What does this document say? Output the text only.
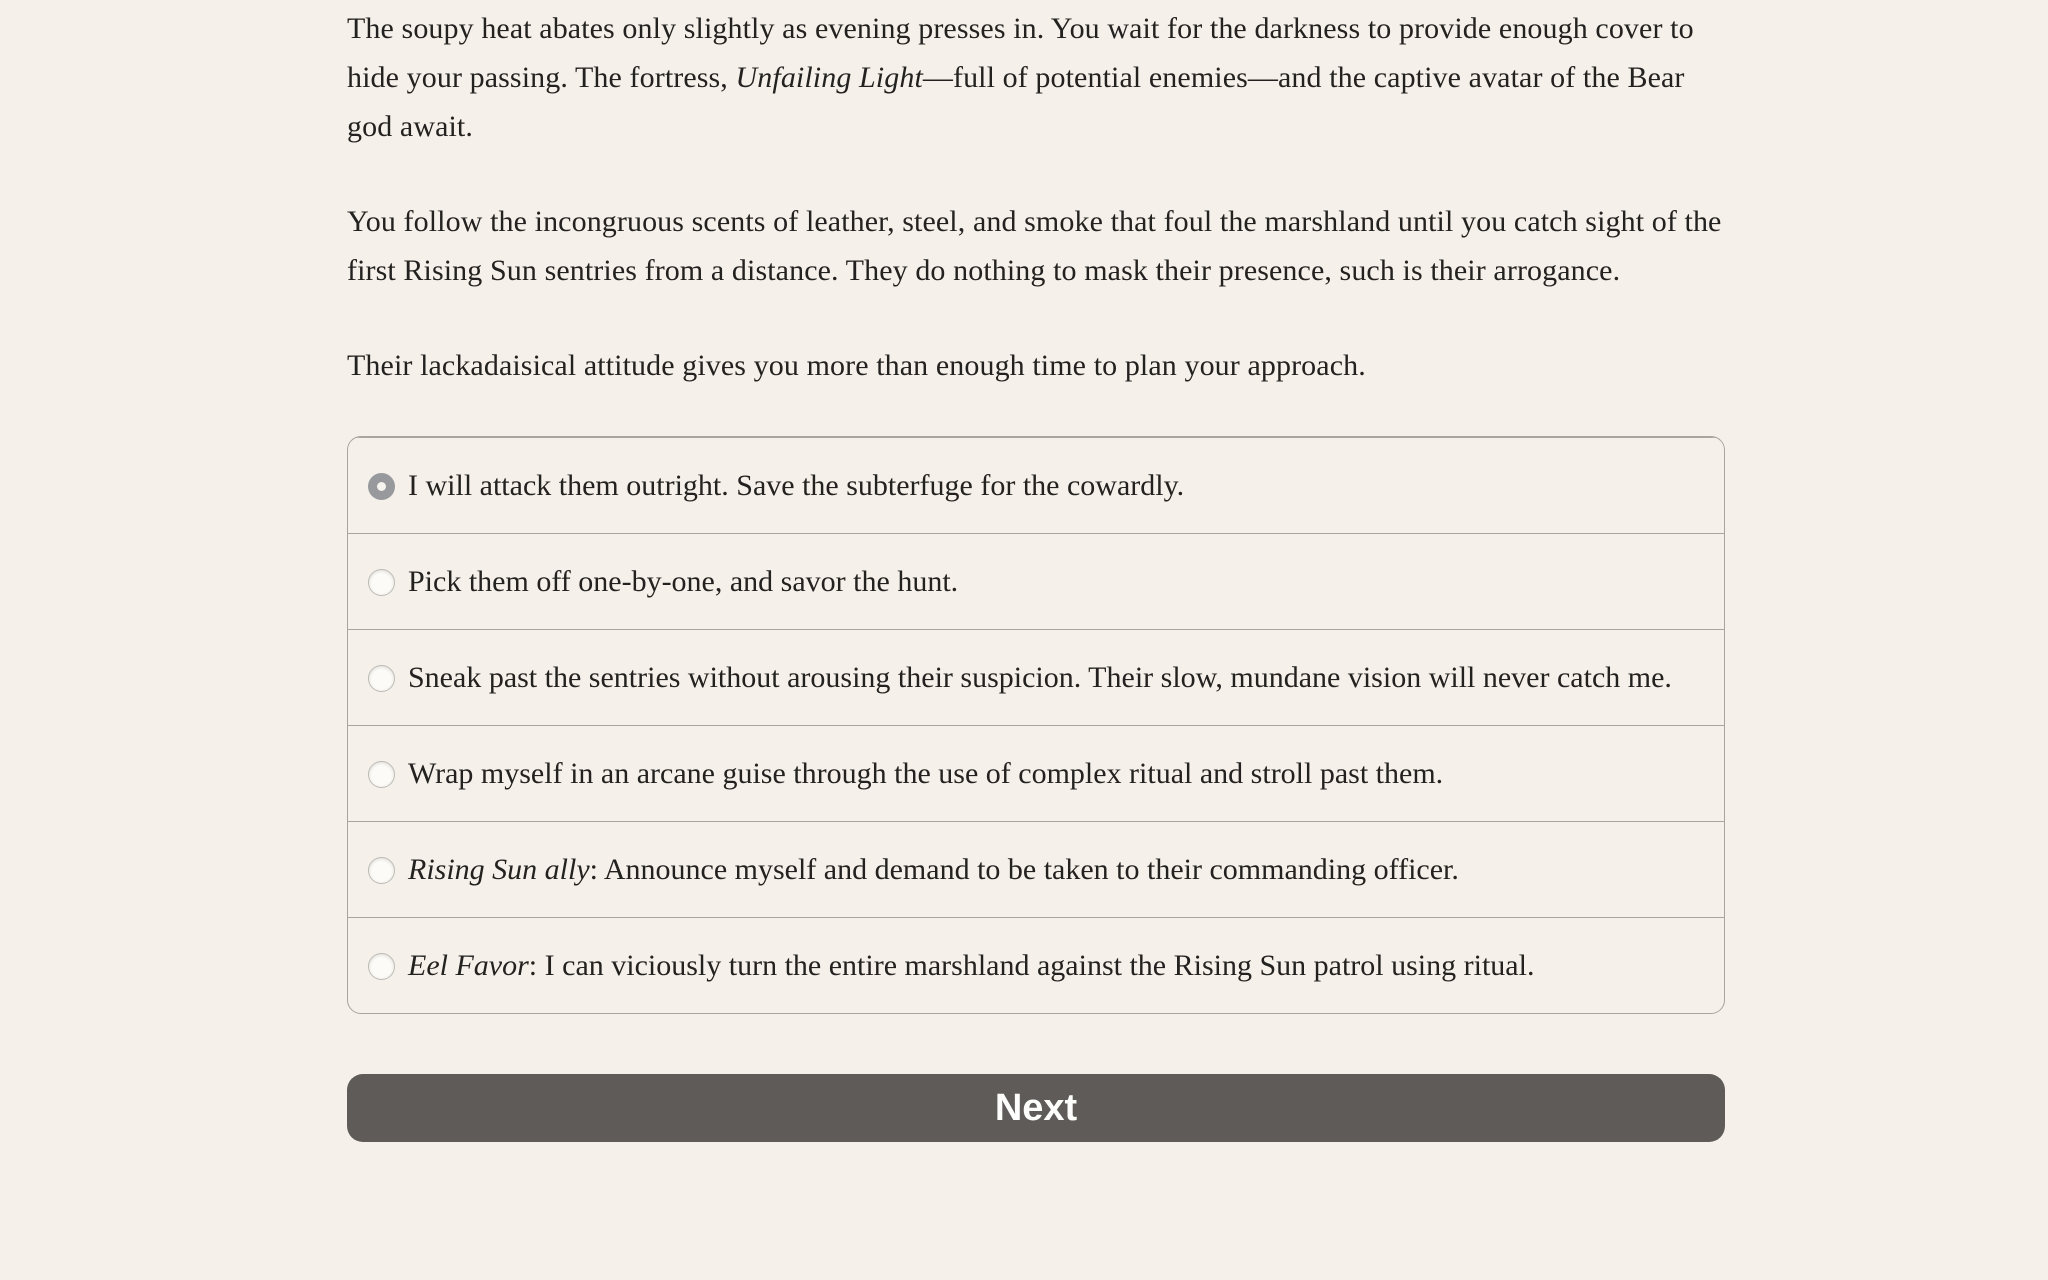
The soupy heat abates only slightly as evening presses in. You wait for the darkness to provide enough cover to hide your passing. The fortress, Unfailing Light—full of potential enemies—and the captive avatar of the Bear god await.

You follow the incongruous scents of leather, steel, and smoke that foul the marshland until you catch sight of the first Rising Sun sentries from a distance. They do nothing to mask their presence, such is their arrogance.

Their lackadaisical attitude gives you more than enough time to plan your approach.

I will attack them outright. Save the subterfuge for the cowardly.
Pick them off one-by-one, and savor the hunt.
Sneak past the sentries without arousing their suspicion. Their slow, mundane vision will never catch me.
Wrap myself in an arcane guise through the use of complex ritual and stroll past them.
Rising Sun ally: Announce myself and demand to be taken to their commanding officer.
Eel Favor: I can viciously turn the entire marshland against the Rising Sun patrol using ritual.
Next
